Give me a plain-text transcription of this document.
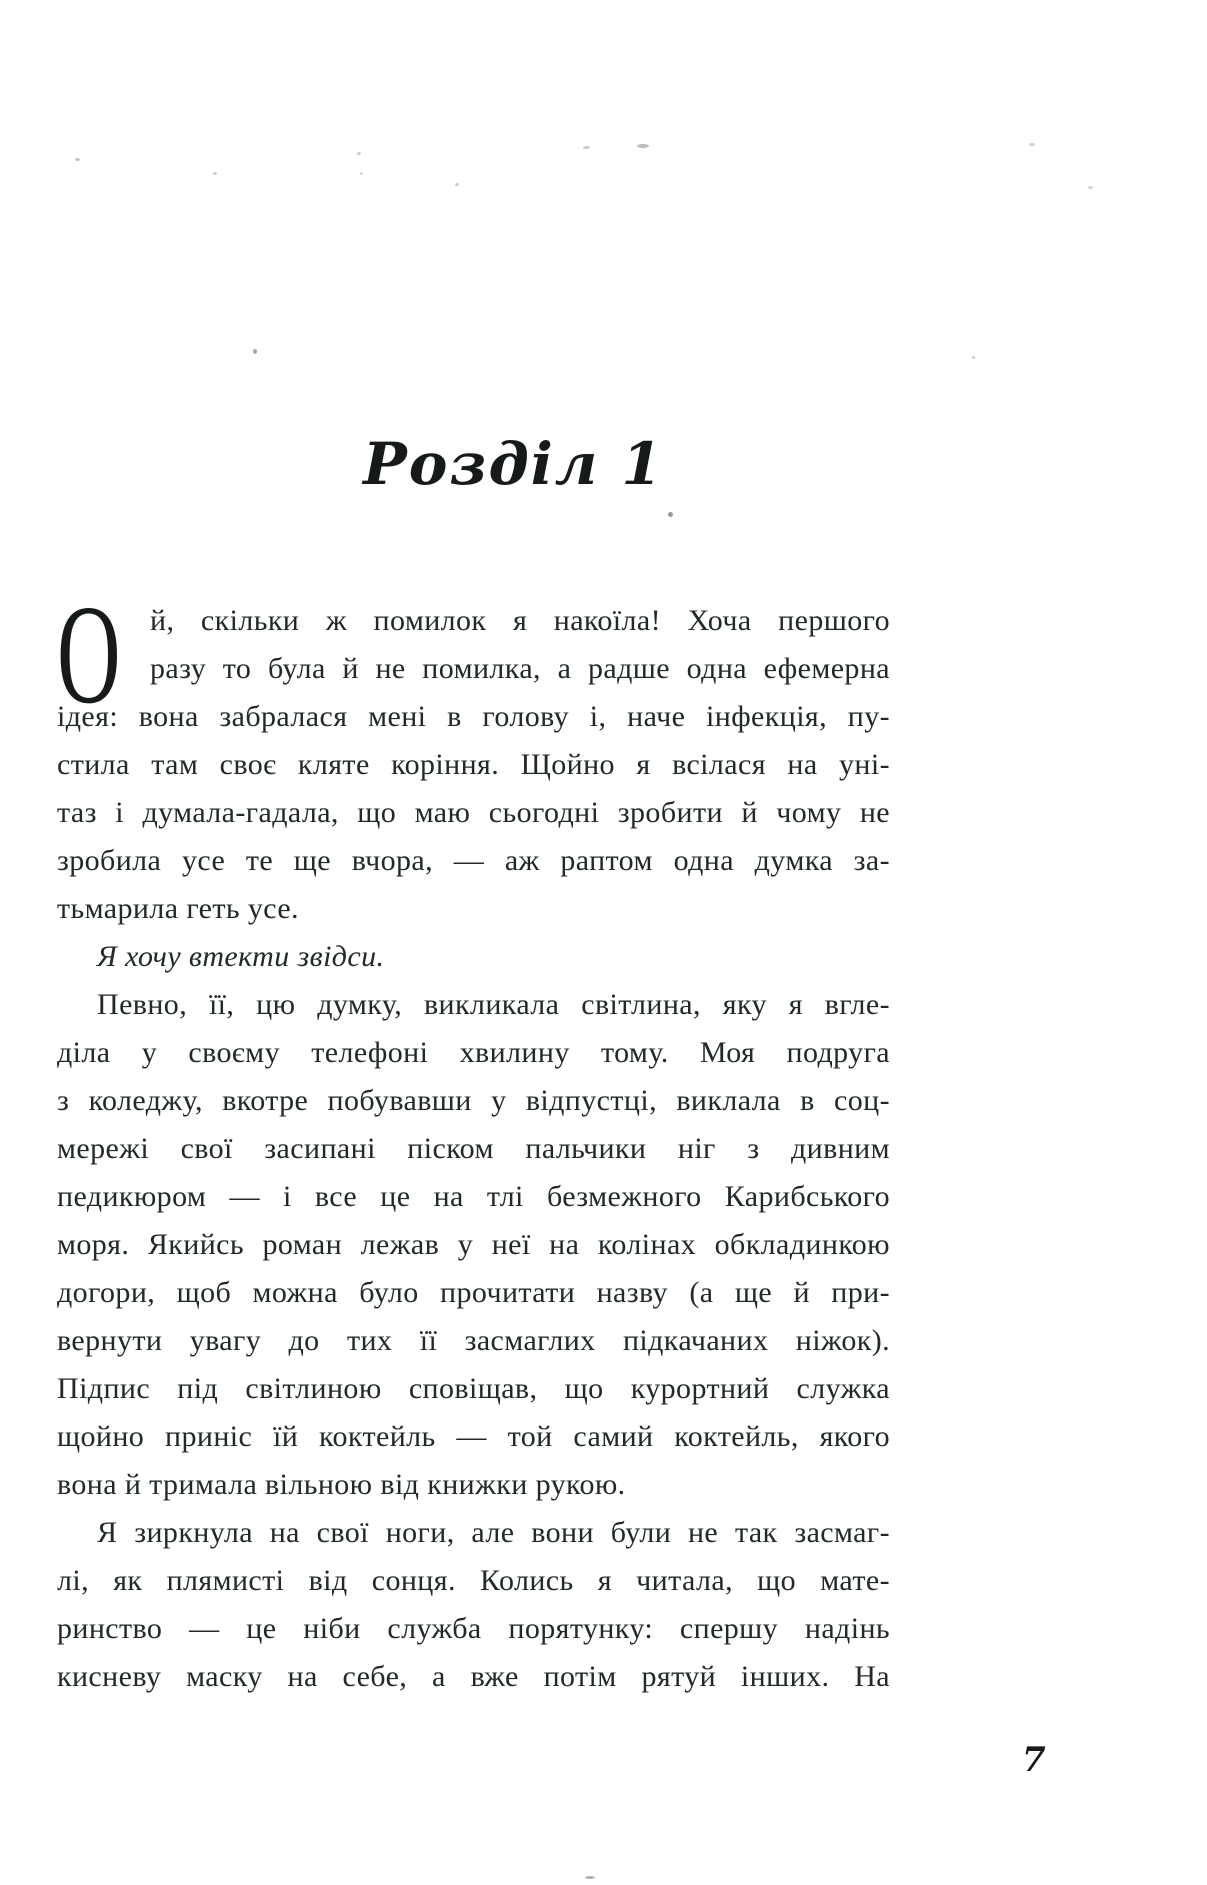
Розділ 1
О й, скільки ж помилок я накоїла! Хоча першого
разу то була й не помилка, а радше одна ефемерна
ідея: вона забралася мені в голову і, наче інфекція, пу-
стила там своє кляте коріння. Щойно я всілася на уні-
таз і думала-гадала, що маю сьогодні зробити й чому не
зробила усе те ще вчора, — аж раптом одна думка за-
тьмарила геть усе.
Я хочу втекти звідси.
Певно, її, цю думку, викликала світлина, яку я вгле-
діла у своєму телефоні хвилину тому. Моя подруга
з коледжу, вкотре побувавши у відпустці, виклала в соц-
мережі свої засипані піском пальчики ніг з дивним
педикюром — і все це на тлі безмежного Карибського
моря. Якийсь роман лежав у неї на колінах обкладинкою
догори, щоб можна було прочитати назву (а ще й при-
вернути увагу до тих її засмаглих підкачаних ніжок).
Підпис під світлиною сповіщав, що курортний служка
щойно приніс їй коктейль — той самий коктейль, якого
вона й тримала вільною від книжки рукою.
Я зиркнула на свої ноги, але вони були не так засмаг-
лі, як плямисті від сонця. Колись я читала, що мате-
ринство — це ніби служба порятунку: спершу надінь
кисневу маску на себе, а вже потім рятуй інших. На
7
